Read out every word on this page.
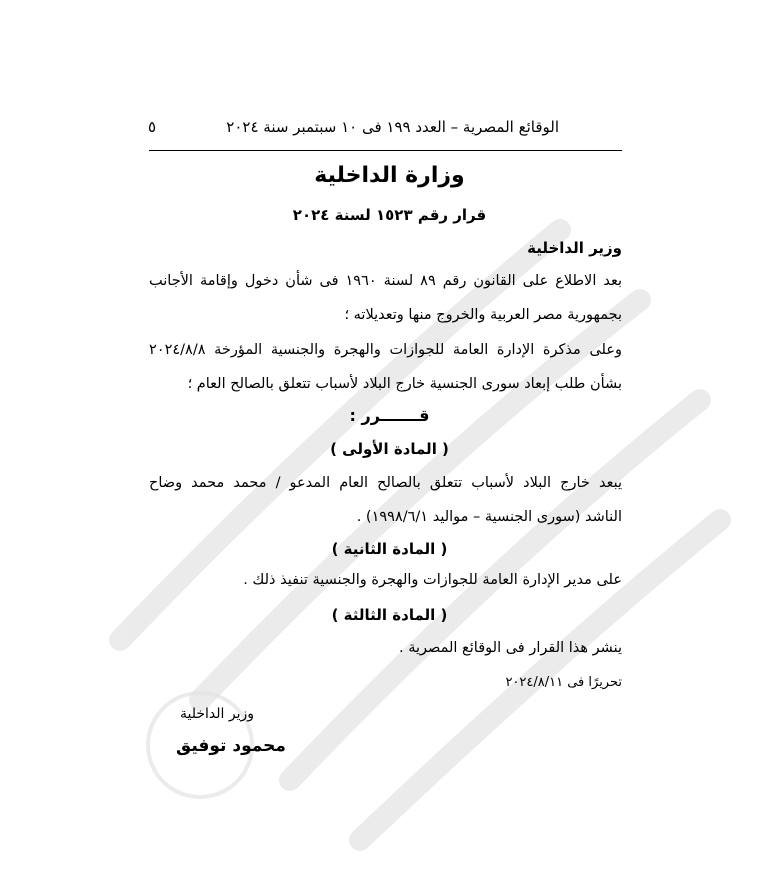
الوقائع المصرية – العدد ١٩٩ فى ١٠ سبتمبر سنة ٢٠٢٤
٥
وزارة الداخلية
قرار رقم ١٥٢٣ لسنة ٢٠٢٤
وزير الداخلية
بعد الاطلاع على القانون رقم ٨٩ لسنة ١٩٦٠ فى شأن دخول وإقامة الأجانب
بجمهورية مصر العربية والخروج منها وتعديلاته ؛
وعلى مذكرة الإدارة العامة للجوازات والهجرة والجنسية المؤرخة ٢٠٢٤/٨/٨
بشأن طلب إبعاد سورى الجنسية خارج البلاد لأسباب تتعلق بالصالح العام ؛
قـــــــرر :
( المادة الأولى )
يبعد خارج البلاد لأسباب تتعلق بالصالح العام المدعو / محمد محمد وضاح
الناشد (سورى الجنسية – مواليد ١٩٩٨/٦/١) .
( المادة الثانية )
على مدير الإدارة العامة للجوازات والهجرة والجنسية تنفيذ ذلك .
( المادة الثالثة )
ينشر هذا القرار فى الوقائع المصرية .
تحريرًا فى ٢٠٢٤/٨/١١
وزير الداخلية
محمود توفيق
